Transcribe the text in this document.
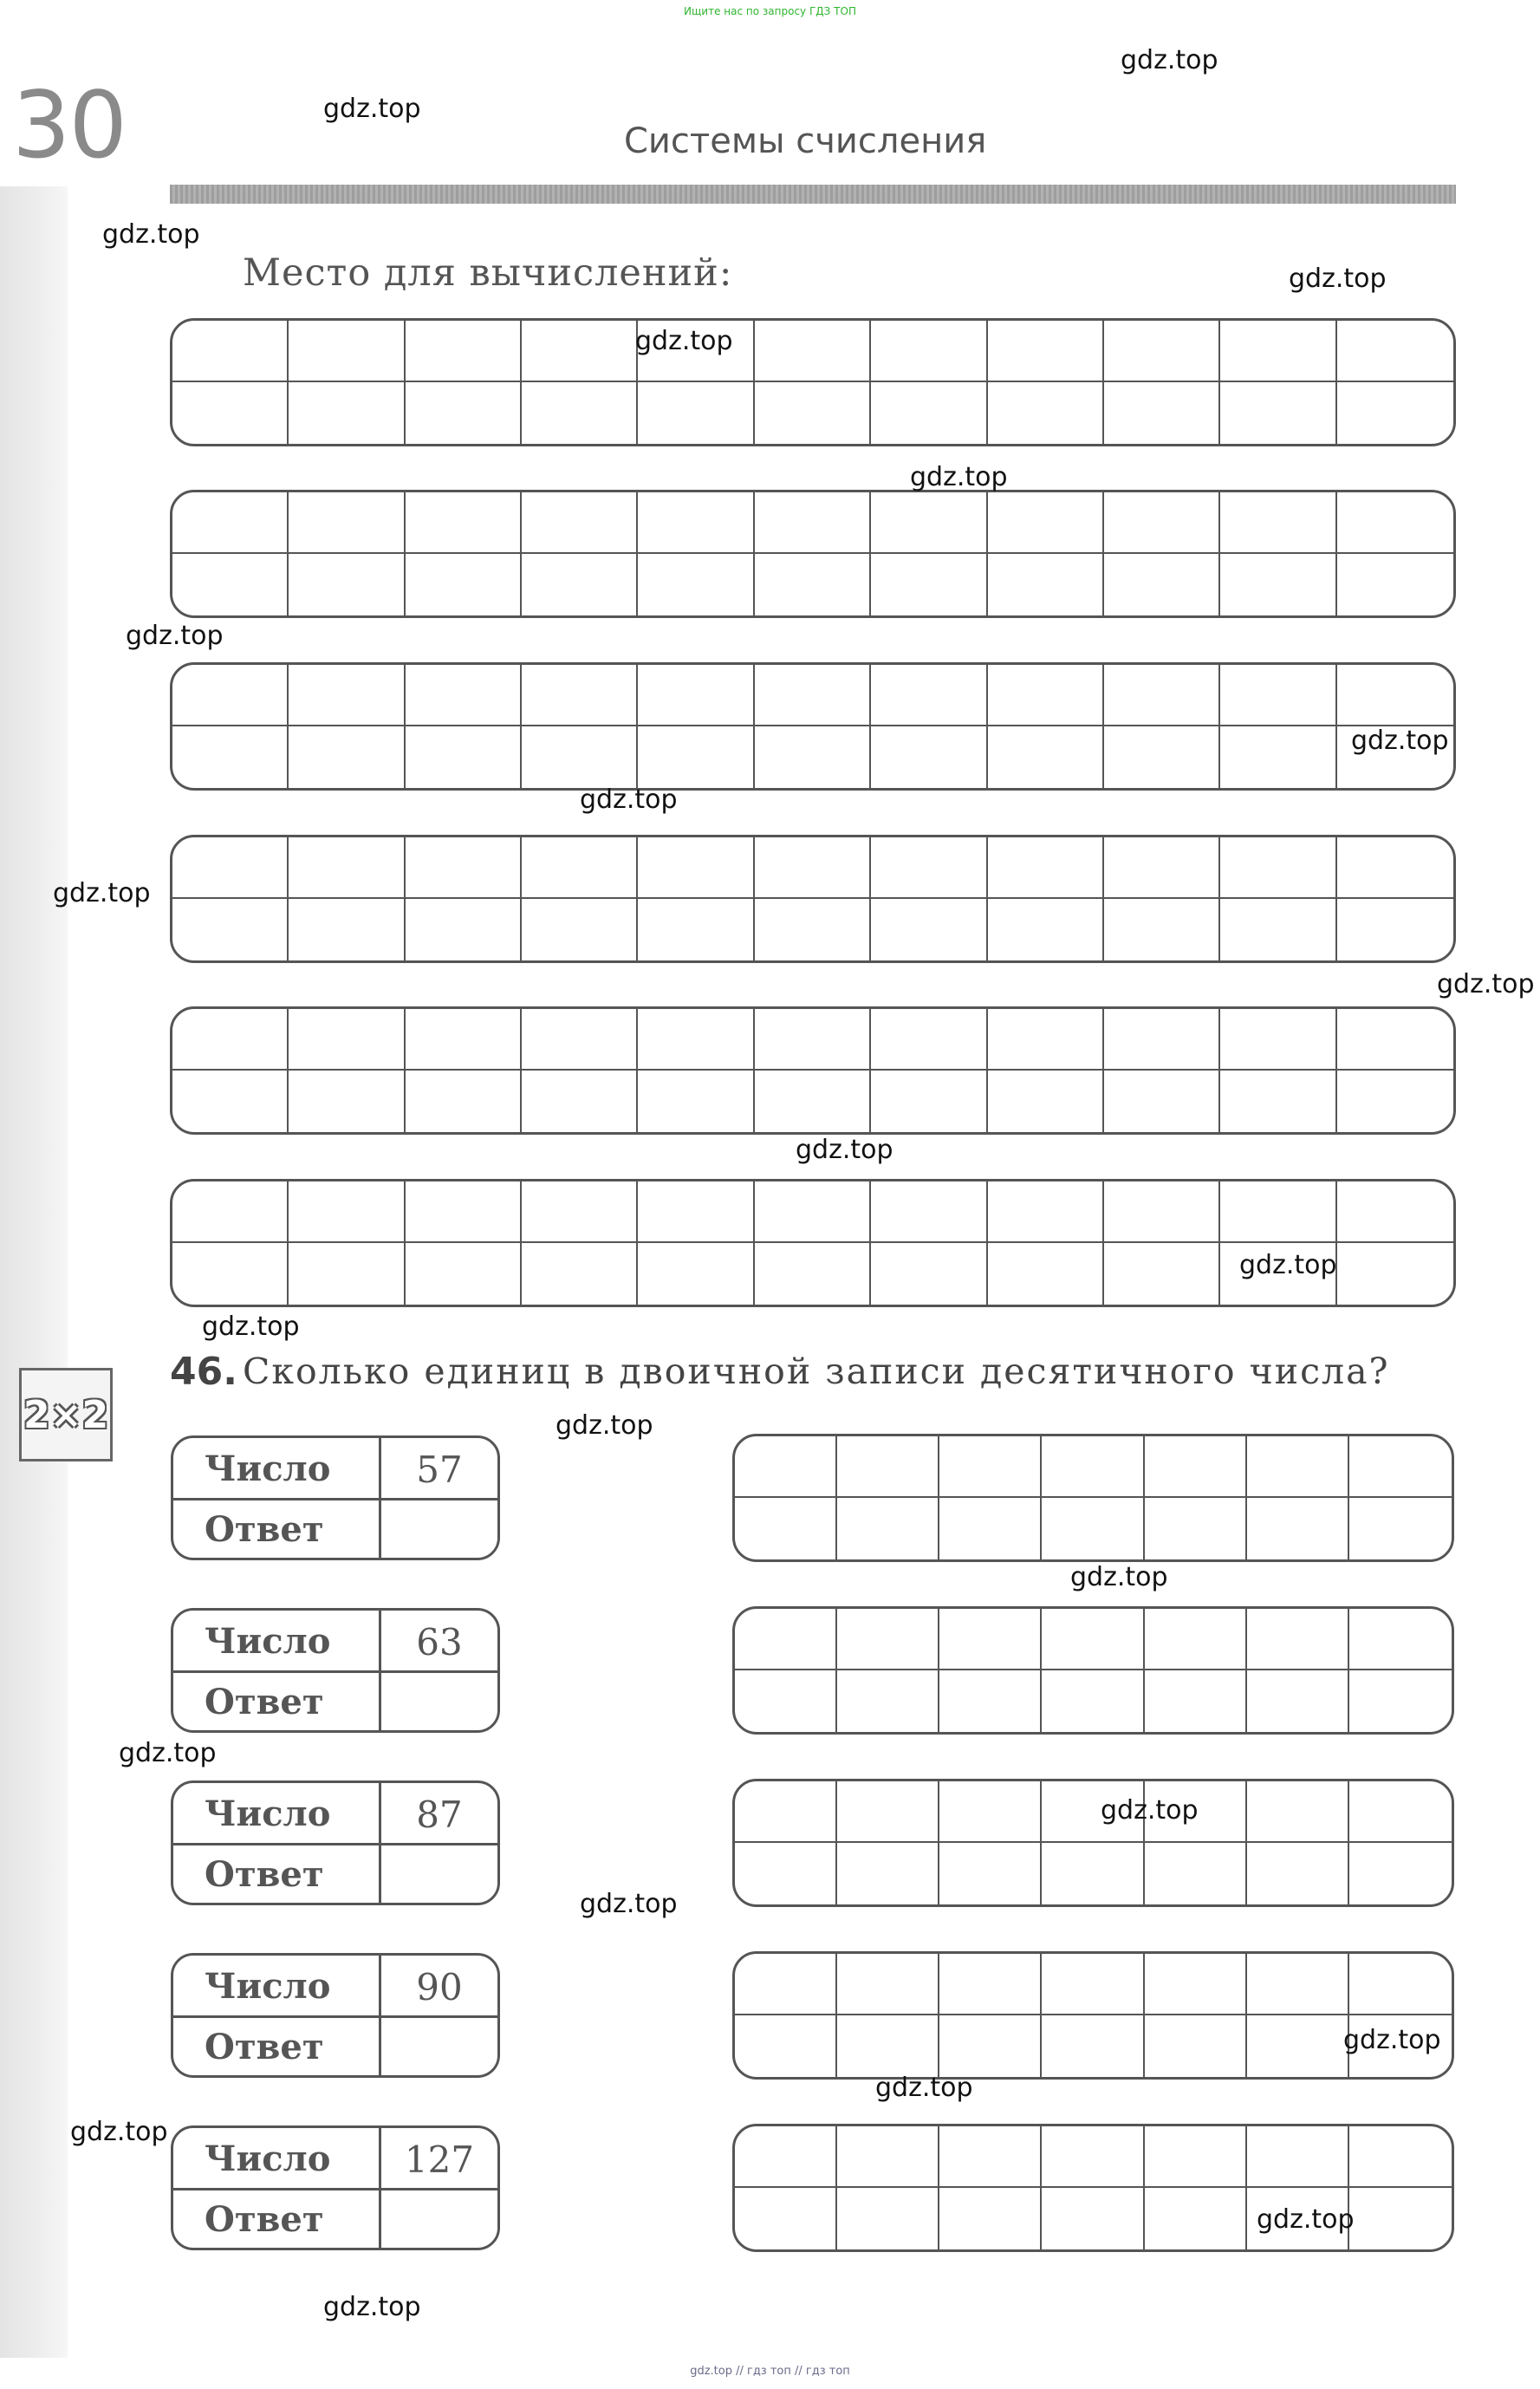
Ищите нас по запросу ГДЗ ТОП
30	Системы счисления
Место для вычислений:
2 × 2
46. Сколько единиц в двоичной записи десятичного числа?
Число	57
Ответ
Число	63
Ответ
Число	87
Ответ
Число	90
Ответ
Число	127
Ответ
gdz.top
gdz.top
gdz.top
gdz.top
gdz.top
gdz.top
gdz.top
gdz.top
gdz.top
gdz.top
gdz.top
gdz.top
gdz.top
gdz.top
gdz.top
gdz.top
gdz.top
gdz.top
gdz.top
gdz.top
gdz.top
gdz.top
gdz.top
gdz.top
gdz.top // гдз топ // гдз топ
